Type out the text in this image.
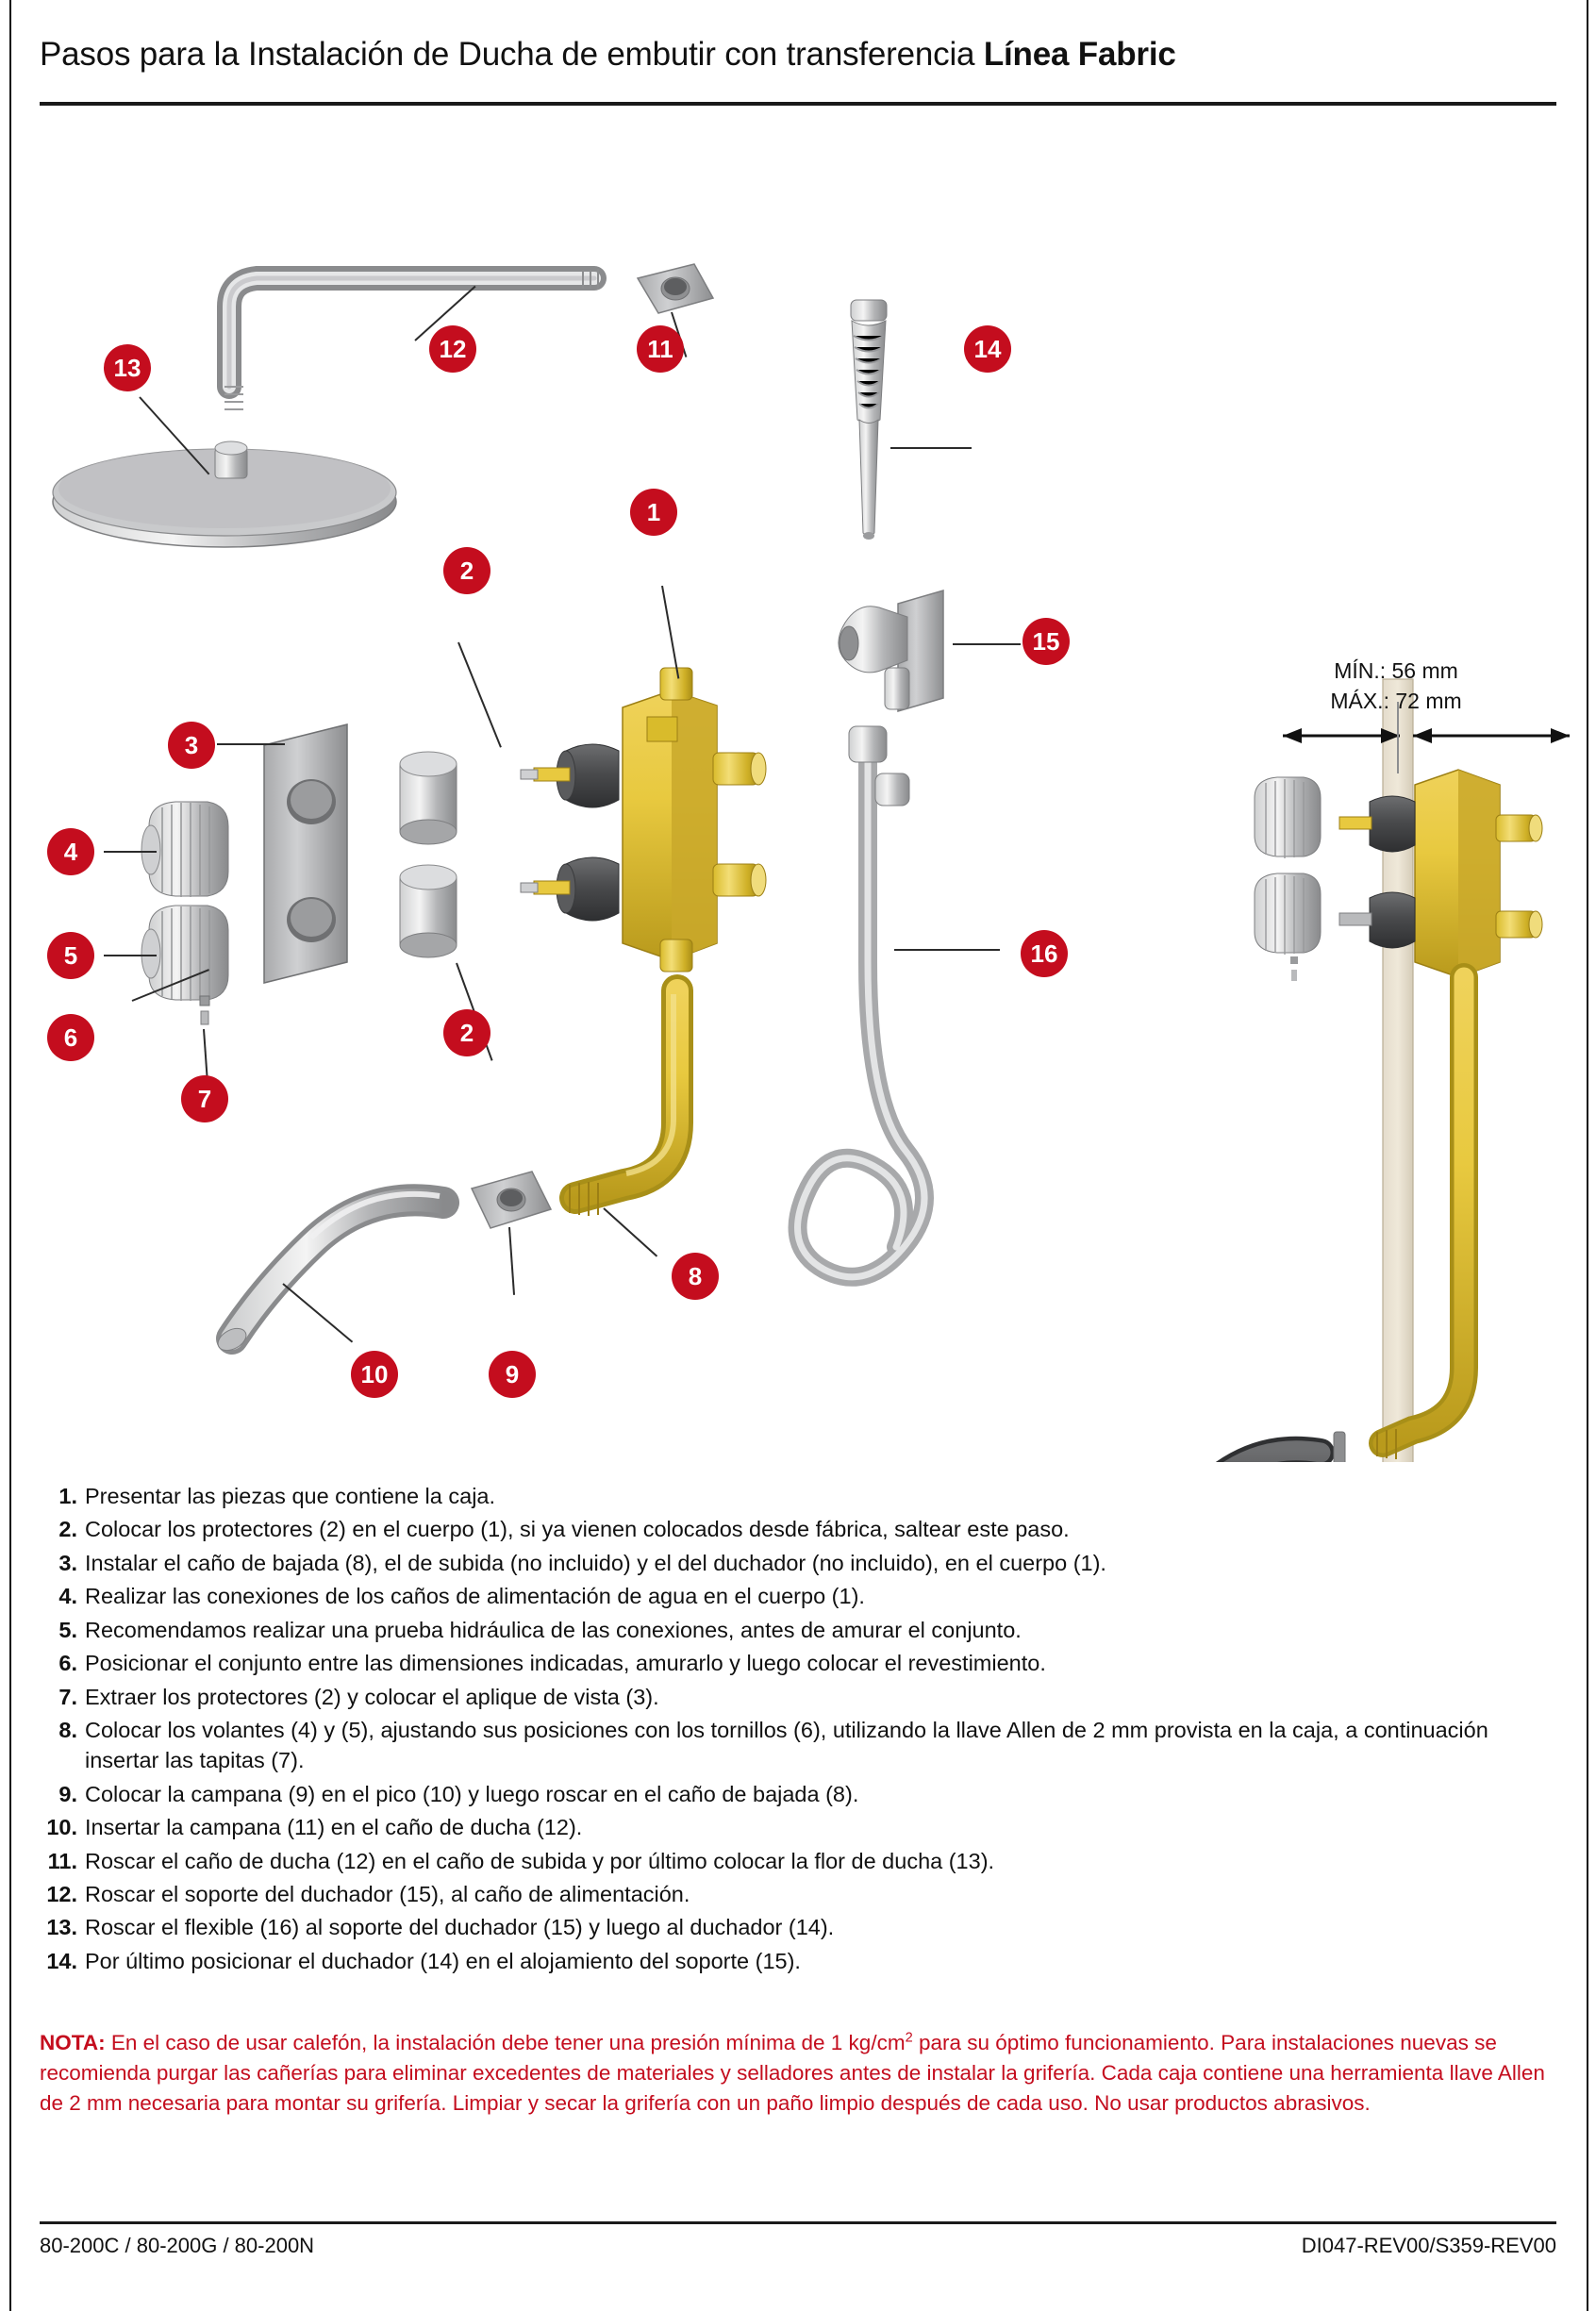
Pasos para la Instalación de Ducha de embutir con transferencia Línea Fabric
13
12	11	14
1
15
2
3
4
5
6
7
2
16
8
9
10
MÍN.: 56 mm
MÁX.: 72 mm
1. Presentar las piezas que contiene la caja.
2. Colocar los protectores (2) en el cuerpo (1), si ya vienen colocados desde fábrica, saltear este paso.
3. Instalar el caño de bajada (8), el de subida (no incluido) y el del duchador (no incluido), en el cuerpo (1).
4. Realizar las conexiones de los caños de alimentación de agua en el cuerpo (1).
5. Recomendamos realizar una prueba hidráulica de las conexiones, antes de amurar el conjunto.
6. Posicionar el conjunto entre las dimensiones indicadas, amurarlo y luego colocar el revestimiento.
7. Extraer los protectores (2) y colocar el aplique de vista (3).
8. Colocar los volantes (4) y (5), ajustando sus posiciones con los tornillos (6), utilizando la llave Allen de 2 mm provista en la caja, a continuación insertar las tapitas (7).
9. Colocar la campana (9) en el pico (10) y luego roscar en el caño de bajada (8).
10. Insertar la campana (11) en el caño de ducha (12).
11. Roscar el caño de ducha (12) en el caño de subida y por último colocar la flor de ducha (13).
12. Roscar el soporte del duchador (15), al caño de alimentación.
13. Roscar el flexible (16) al soporte del duchador (15) y luego al duchador (14).
14. Por último posicionar el duchador (14) en el alojamiento del soporte (15).
NOTA: En el caso de usar calefón, la instalación debe tener una presión mínima de 1 $kg/cm^2$ para su óptimo funcionamiento. Para instalaciones nuevas se recomienda purgar las cañerías para eliminar excedentes de materiales y selladores antes de instalar la grifería. Cada caja contiene una herramienta llave Allen de 2 mm necesaria para montar su grifería. Limpiar y secar la grifería con un paño limpio después de cada uso. No usar productos abrasivos.
80-200C / 80-200G / 80-200N	DI047-REV00/S359-REV00
